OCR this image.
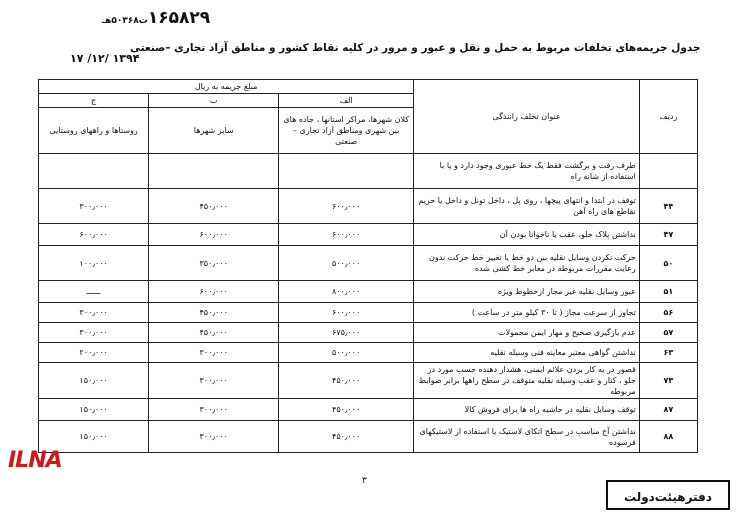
۱۶۵۸۲۹ت۵۰۳۶۸هـ
جدول جریمه‌های تخلفات مربوط به حمل و نقل و عبور و مرور در کلیه نقاط کشور و مناطق آزاد تجاری –صنعتی
۱۳۹۴ /۱۲/ ۱۷
ردیف	عنوان تخلف رانندگی	مبلغ جریمه به ریال		
		الف	ب	ج
		کلان شهرها، مراکز استانها ، جاده های بین شهری ومناطق آزاد تجاری – صنعتی	سایر شهرها	روستاها و راههای روستایی
	طرف رفت و برگشت فقط یک خط عبوری وجود دارد و یا با استفاده از شانه راه			
۴۴	توقف در ابتدا و انتهای پیچها ، روی پل ، داخل تونل و داخل یا حریم تقاطع های راه آهن	۶۰۰٫۰۰۰	۴۵۰٫۰۰۰	۳۰۰٫۰۰۰
۴۷	نداشتن پلاک جلو، عقب یا ناخوانا بودن آن	۶۰۰٫۰۰۰	۶۰۰٫۰۰۰	۶۰۰٫۰۰۰
۵۰	حرکت نکردن وسایل نقلیه بین دو خط یا تغییر خط حرکت بدون رعایت مقررات مربوطه در معابر خط کشی شده	۵۰۰٫۰۰۰	۳۵۰٫۰۰۰	۱۰۰٫۰۰۰
۵۱	عبور وسایل نقلیه غیر مجاز ازخطوط ویژه	۸۰۰٫۰۰۰	۶۰۰٫۰۰۰	ــــــ
۵۶	تجاوز از سرعت مجاز ( تا ۳۰ کیلو متر در ساعت )	۶۰۰٫۰۰۰	۴۵۰٫۰۰۰	۳۰۰٫۰۰۰
۵۷	عدم بارگیری صحیح و مهار ایمن محمولات	۶۷۵٫۰۰۰	۴۵۰٫۰۰۰	۳۰۰٫۰۰۰
۶۳	نداشتن گواهی معتبر معاینه فنی وسیله نقلیه	۵۰۰٫۰۰۰	۳۰۰٫۰۰۰	۲۰۰٫۰۰۰
۷۳	قصور در به کار بردن علائم ایمنی، هشدار دهنده حسب مورد در جلو ، کنار و عقب وسیله نقلیه متوقف در سطح راهها برابر ضوابط مربوطه	۴۵۰٫۰۰۰	۳۰۰٫۰۰۰	۱۵۰٫۰۰۰
۸۷	توقف وسایل نقلیه در حاشیه راه ها برای فروش کالا	۴۵۰٫۰۰۰	۳۰۰٫۰۰۰	۱۵۰٫۰۰۰
۸۸	نداشتن آج مناسب در سطح اتکای لاستیک یا استفاده از لاستیکهای فرسوده	۴۵۰٫۰۰۰	۳۰۰٫۰۰۰	۱۵۰٫۰۰۰
۳
ILNA
دفترهیئت‌دولت
